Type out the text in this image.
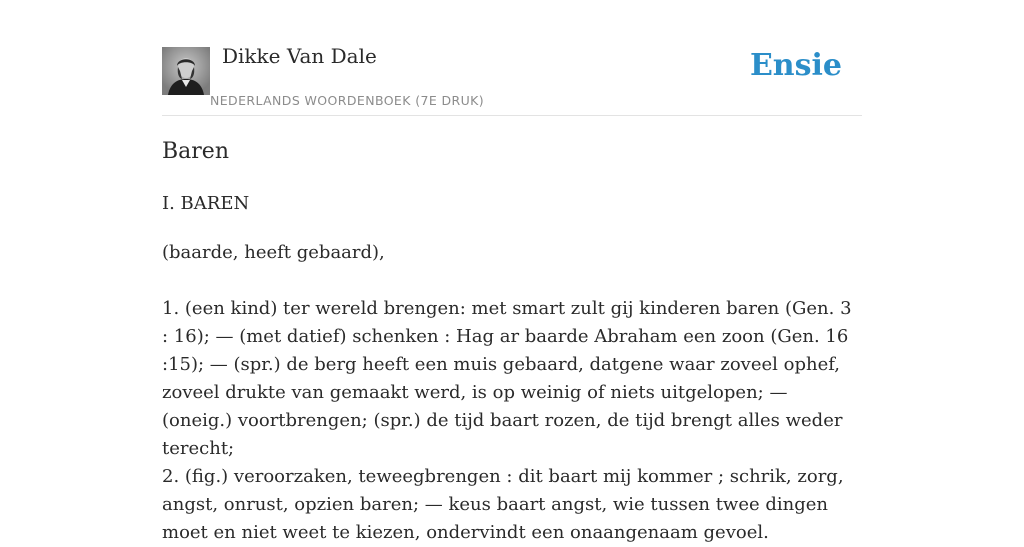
Dikke Van Dale
NEDERLANDS WOORDENBOEK (7E DRUK)
Ensie
Baren
I. BAREN

(baarde, heeft gebaard),

1. (een kind) ter wereld brengen: met smart zult gij kinderen baren (Gen. 3 : 16); — (met datief) schenken : Hag ar baarde Abraham een zoon (Gen. 16 :15); — (spr.) de berg heeft een muis gebaard, datgene waar zoveel ophef, zoveel drukte van gemaakt werd, is op weinig of niets uitgelopen; — (oneig.) voortbrengen; (spr.) de tijd baart rozen, de tijd brengt alles weder terecht;

2. (fig.) veroorzaken, teweegbrengen : dit baart mij kommer ; schrik, zorg, angst, onrust, opzien baren; — keus baart angst, wie tussen twee dingen moet en niet weet te kiezen, ondervindt een onaangenaam gevoel.
